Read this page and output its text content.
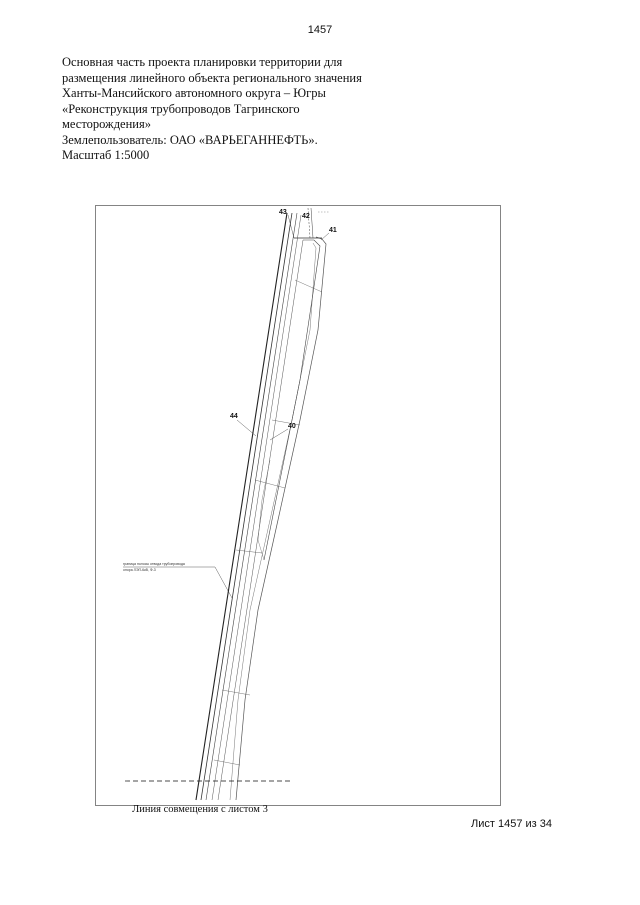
1457
Основная часть проекта планировки территории для
размещения линейного объекта регионального значения
Ханты-Мансийского автономного округа – Югры
«Реконструкция трубопроводов Тагринского
месторождения»
Землепользователь: ОАО «ВАРЬЕГАННЕФТЬ».
Масштаб 1:5000
43
42
41
40
44
граница полосы отвода трубопровода
опора ЛЭП-6кВ, Ф-3
Линия совмещения с листом 3
Лист 1457 из 34
